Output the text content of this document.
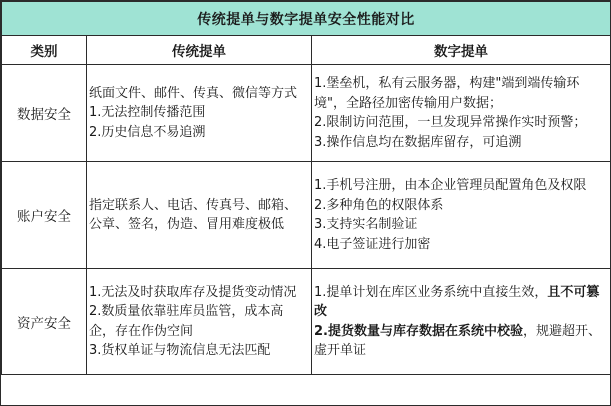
传统提单与数字提单安全性能对比		
类别	传统提单	数字提单
数据安全	纸面文件、邮件、传真、微信等方式
1.无法控制传播范围
2.历史信息不易追溯	1.堡垒机，私有云服务器，构建"端到端传输环境"，全路径加密传输用户数据；
2.限制访问范围，一旦发现异常操作实时预警；
3.操作信息均在数据库留存，可追溯

账户安全	指定联系人、电话、传真号、邮箱、公章、签名，伪造、冒用难度极低	1.手机号注册，由本企业管理员配置角色及权限
2.多种角色的权限体系
3.支持实名制验证
4.电子签证进行加密

资产安全	1.无法及时获取库存及提货变动情况
2.数质量依靠驻库员监管，成本高企，存在作伪空间
3.货权单证与物流信息无法匹配	1.提单计划在库区业务系统中直接生效，且不可篡改
2.提货数量与库存数据在系统中校验，规避超开、虚开单证
